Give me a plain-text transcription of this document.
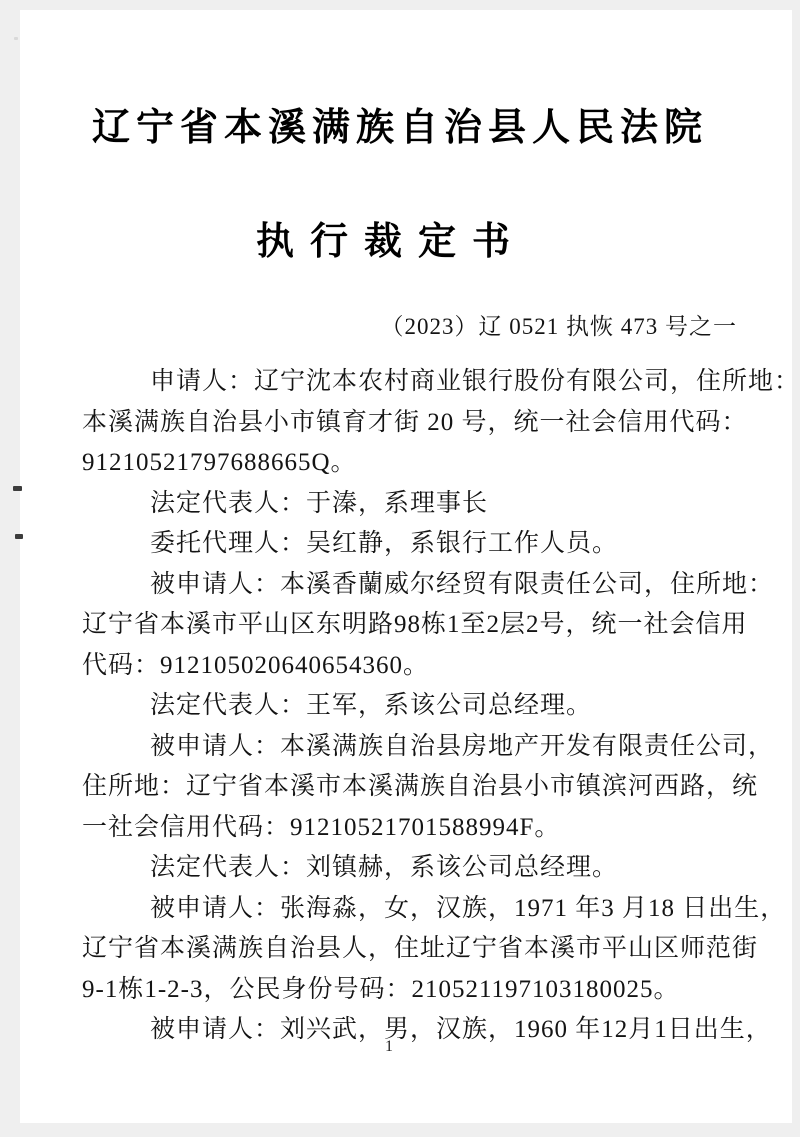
辽宁省本溪满族自治县人民法院
执行裁定书
（2023）辽 0521 执恢 473 号之一
申请人：辽宁沈本农村商业银行股份有限公司，住所地：
本溪满族自治县小市镇育才街 20 号，统一社会信用代码：
91210521797688665Q。
法定代表人：于溱，系理事长
委托代理人：吴红静，系银行工作人员。
被申请人：本溪香蘭威尔经贸有限责任公司，住所地：
辽宁省本溪市平山区东明路98栋1至2层2号，统一社会信用
代码：912105020640654360。
法定代表人：王军，系该公司总经理。
被申请人：本溪满族自治县房地产开发有限责任公司，
住所地：辽宁省本溪市本溪满族自治县小市镇滨河西路，统
一社会信用代码：91210521701588994F。
法定代表人：刘镇赫，系该公司总经理。
被申请人：张海淼，女，汉族，1971 年3 月18 日出生，
辽宁省本溪满族自治县人，住址辽宁省本溪市平山区师范街
9-1栋1-2-3，公民身份号码：210521197103180025。
被申请人：刘兴武，男，汉族，1960 年12月1日出生，
1
